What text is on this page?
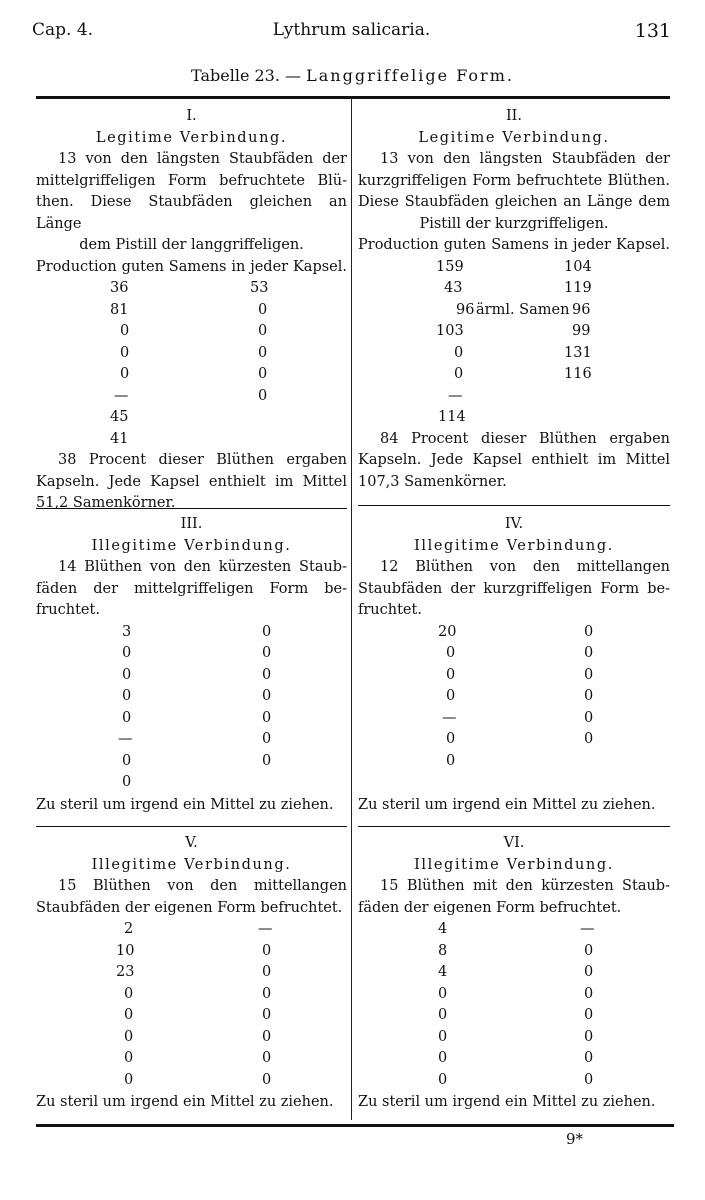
Cap. 4.	Lythrum salicaria.	131
Tabelle 23. — Langgriffelige Form.
I.
Legitime Verbindung.
13 von den längsten Staubfäden der
mittelgriffeligen Form befruchtete Blü-
then. Diese Staubfäden gleichen an Länge
dem Pistill der langgriffeligen.
Production guten Samens in jeder Kapsel.
36	53
81	0
0	0
0	0
0	0
—	0
45
41
38 Procent dieser Blüthen ergaben
Kapseln. Jede Kapsel enthielt im Mittel
51,2 Samenkörner.
II.
Legitime Verbindung.
13 von den längsten Staubfäden der
kurzgriffeligen Form befruchtete Blüthen.
Diese Staubfäden gleichen an Länge dem
Pistill der kurzgriffeligen.
Production guten Samens in jeder Kapsel.
159	104
43	119
96 ärml. Samen 96
103	99
0	131
0	116
—
114
84 Procent dieser Blüthen ergaben
Kapseln. Jede Kapsel enthielt im Mittel
107,3 Samenkörner.
III.
Illegitime Verbindung.
14 Blüthen von den kürzesten Staub-
fäden der mittelgriffeligen Form be-
fruchtet.
3	0
0	0
0	0
0	0
0	0
—	0
0	0
0
Zu steril um irgend ein Mittel zu ziehen.
IV.
Illegitime Verbindung.
12 Blüthen von den mittellangen
Staubfäden der kurzgriffeligen Form be-
fruchtet.
20	0
0	0
0	0
0	0
—	0
0	0
0
Zu steril um irgend ein Mittel zu ziehen.
V.
Illegitime Verbindung.
15 Blüthen von den mittellangen
Staubfäden der eigenen Form befruchtet.
2	—
10	0
23	0
0	0
0	0
0	0
0	0
0	0
Zu steril um irgend ein Mittel zu ziehen.
VI.
Illegitime Verbindung.
15 Blüthen mit den kürzesten Staub-
fäden der eigenen Form befruchtet.
4	—
8	0
4	0
0	0
0	0
0	0
0	0
0	0
Zu steril um irgend ein Mittel zu ziehen.
9*
